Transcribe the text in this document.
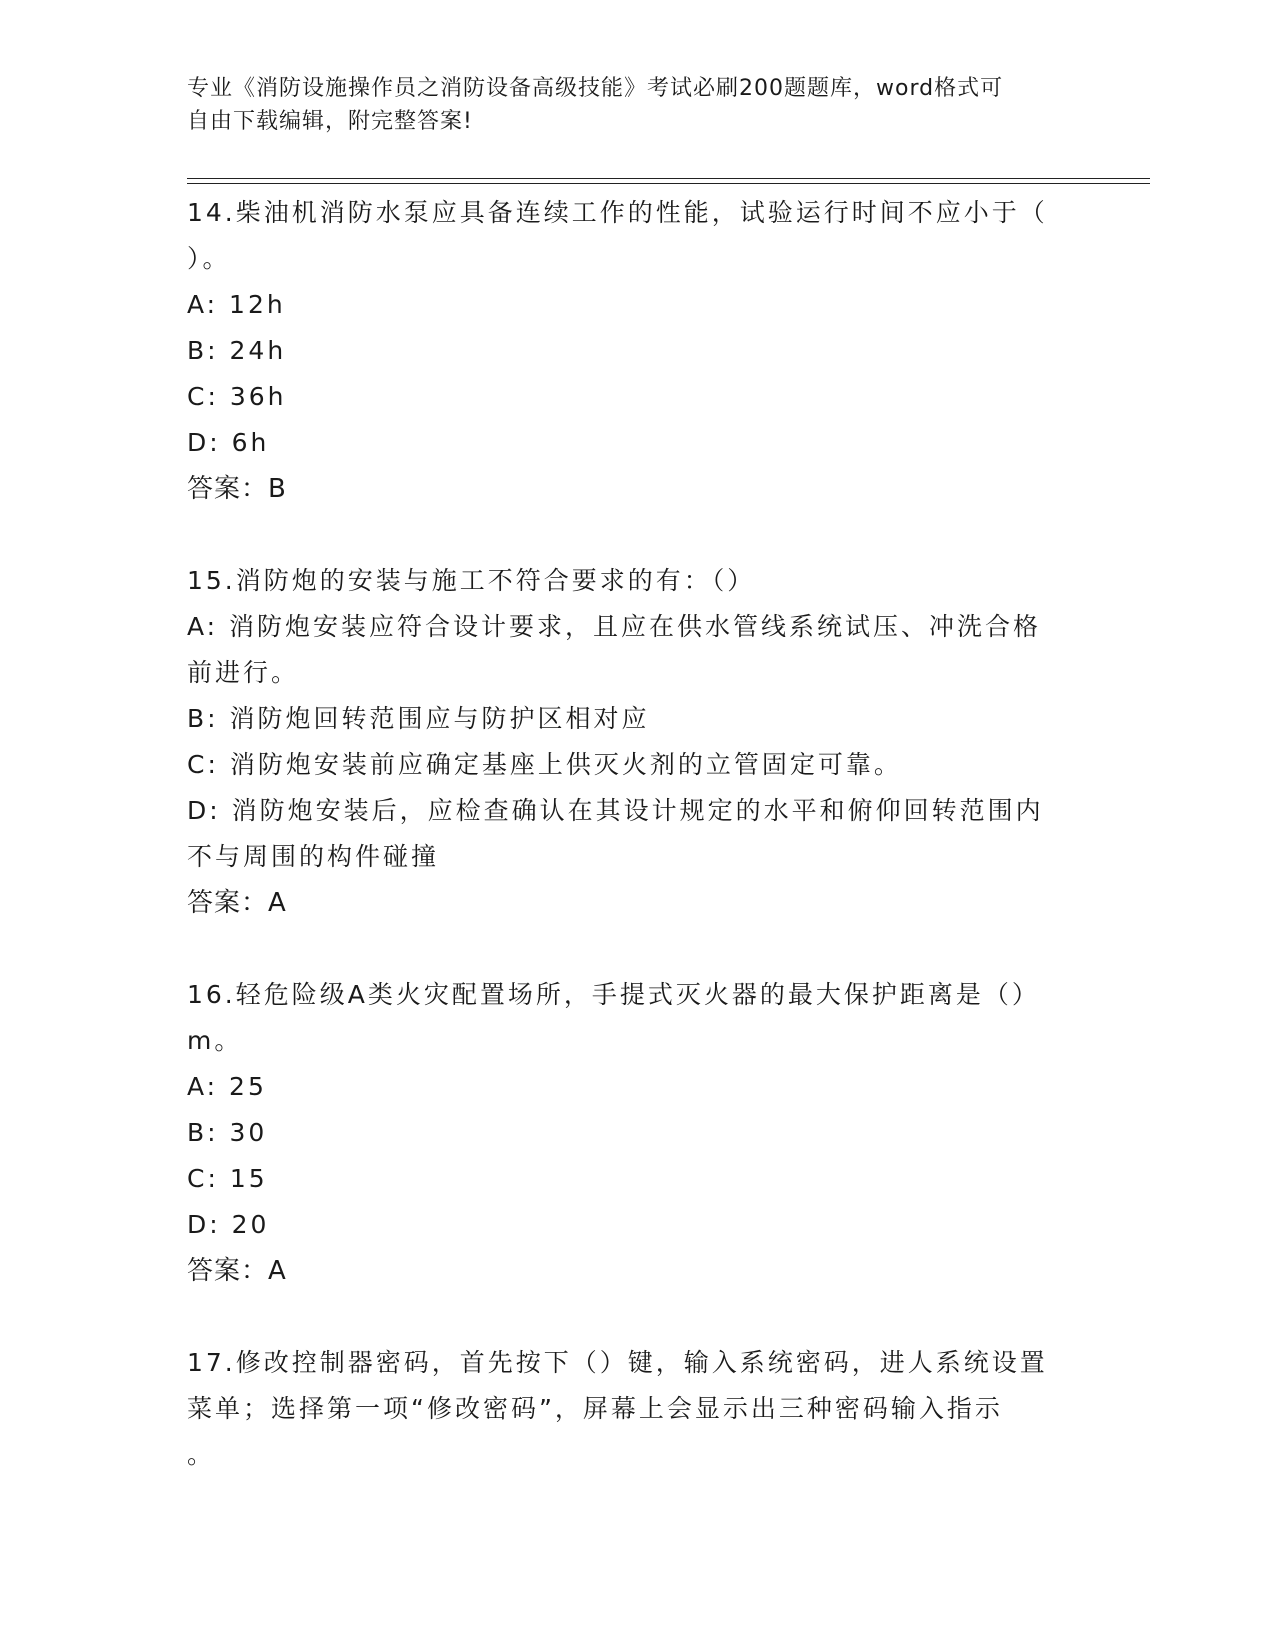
专业《消防设施操作员之消防设备高级技能》考试必刷200题题库，word格式可
自由下载编辑，附完整答案!
14.柴油机消防水泵应具备连续工作的性能，试验运行时间不应小于（
）。
A: 12h
B: 24h
C: 36h
D: 6h
答案：B
15.消防炮的安装与施工不符合要求的有：（）
A: 消防炮安装应符合设计要求，且应在供水管线系统试压、冲洗合格
前进行。
B: 消防炮回转范围应与防护区相对应
C: 消防炮安装前应确定基座上供灭火剂的立管固定可靠。
D: 消防炮安装后，应检查确认在其设计规定的水平和俯仰回转范围内
不与周围的构件碰撞
答案：A
16.轻危险级A类火灾配置场所，手提式灭火器的最大保护距离是（）
m。
A: 25
B: 30
C: 15
D: 20
答案：A
17.修改控制器密码，首先按下（）键，输入系统密码，进人系统设置
菜单；选择第一项“修改密码”，屏幕上会显示出三种密码输入指示
。
